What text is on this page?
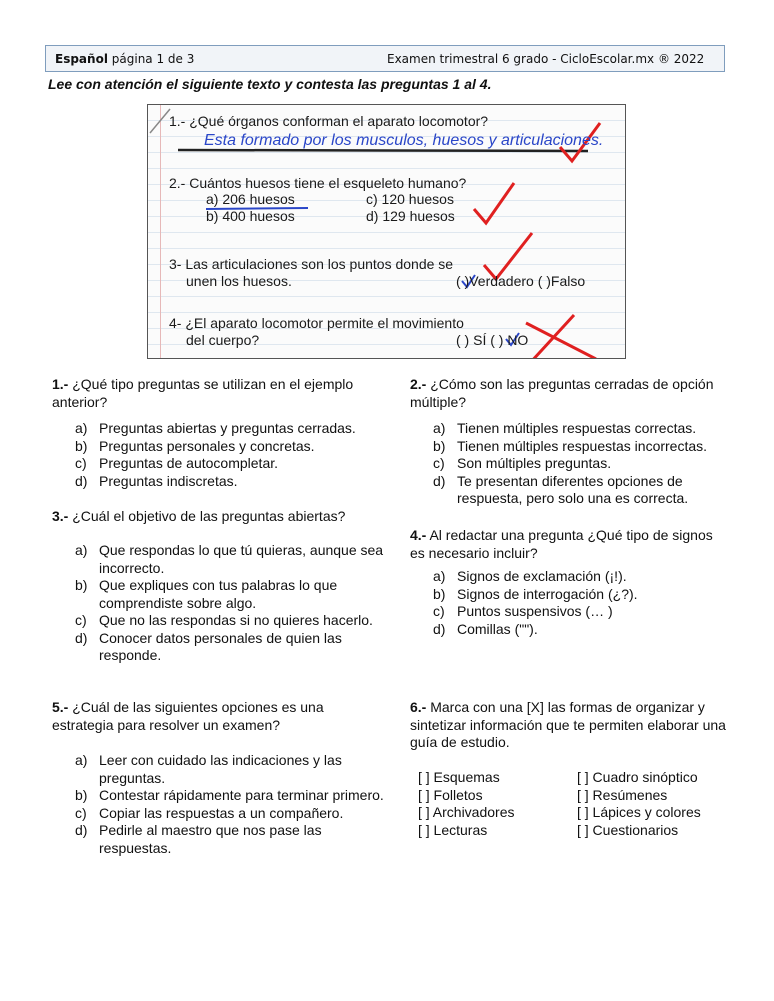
Español página 1 de 3	Examen trimestral 6 grado - CicloEscolar.mx ® 2022
Lee con atención el siguiente texto y contesta las preguntas 1 al 4.
1.- ¿Qué órganos conforman el aparato locomotor?
Esta formado por los musculos, huesos y articulaciones.
2.- Cuántos huesos tiene el esqueleto humano?
a) 206 huesos
b) 400 huesos
c) 120 huesos
d) 129 huesos
3- Las articulaciones son los puntos donde se
unen los huesos.	( )Verdadero ( )Falso
4- ¿El aparato locomotor permite el movimiento
del cuerpo?	( ) SÍ ( ) NO
1.- ¿Qué tipo preguntas se utilizan en el ejemplo anterior?
a) Preguntas abiertas y preguntas cerradas.
b) Preguntas personales y concretas.
c) Preguntas de autocompletar.
d) Preguntas indiscretas.
2.- ¿Cómo son las preguntas cerradas de opción múltiple?
a) Tienen múltiples respuestas correctas.
b) Tienen múltiples respuestas incorrectas.
c) Son múltiples preguntas.
d) Te presentan diferentes opciones de respuesta, pero solo una es correcta.
3.- ¿Cuál el objetivo de las preguntas abiertas?
a) Que respondas lo que tú quieras, aunque sea incorrecto.
b) Que expliques con tus palabras lo que comprendiste sobre algo.
c) Que no las respondas si no quieres hacerlo.
d) Conocer datos personales de quien las responde.
4.- Al redactar una pregunta ¿Qué tipo de signos es necesario incluir?
a) Signos de exclamación (¡!).
b) Signos de interrogación (¿?).
c) Puntos suspensivos (… )
d) Comillas ("").
5.- ¿Cuál de las siguientes opciones es una estrategia para resolver un examen?
a) Leer con cuidado las indicaciones y las preguntas.
b) Contestar rápidamente para terminar primero.
c) Copiar las respuestas a un compañero.
d) Pedirle al maestro que nos pase las respuestas.
6.- Marca con una [X] las formas de organizar y sintetizar información que te permiten elaborar una guía de estudio.
[ ] Esquemas
[ ] Folletos
[ ] Archivadores
[ ] Lecturas
[ ] Cuadro sinóptico
[ ] Resúmenes
[ ] Lápices y colores
[ ] Cuestionarios
